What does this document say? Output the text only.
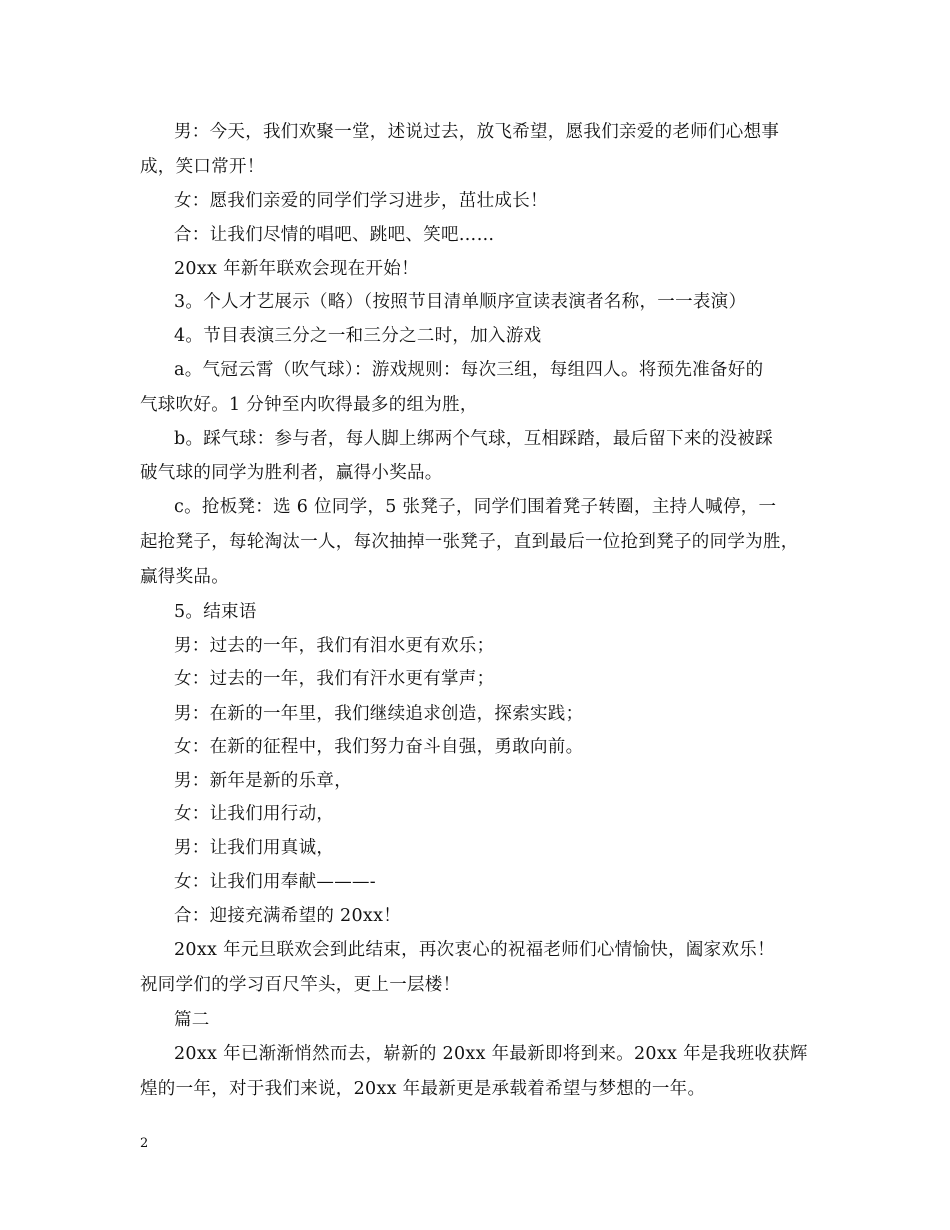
男：今天，我们欢聚一堂，述说过去，放飞希望，愿我们亲爱的老师们心想事
成，笑口常开！
女：愿我们亲爱的同学们学习进步，茁壮成长！
合：让我们尽情的唱吧、跳吧、笑吧……
20xx 年新年联欢会现在开始！
3。个人才艺展示（略）（按照节目清单顺序宣读表演者名称，一一表演）
4。节目表演三分之一和三分之二时，加入游戏
a。气冠云霄（吹气球）：游戏规则：每次三组，每组四人。将预先准备好的
气球吹好。1 分钟至内吹得最多的组为胜，
b。踩气球：参与者，每人脚上绑两个气球，互相踩踏，最后留下来的没被踩
破气球的同学为胜利者，赢得小奖品。
c。抢板凳：选 6 位同学，5 张凳子，同学们围着凳子转圈，主持人喊停，一
起抢凳子，每轮淘汰一人，每次抽掉一张凳子，直到最后一位抢到凳子的同学为胜，
赢得奖品。
5。结束语
男：过去的一年，我们有泪水更有欢乐；
女：过去的一年，我们有汗水更有掌声；
男：在新的一年里，我们继续追求创造，探索实践；
女：在新的征程中，我们努力奋斗自强，勇敢向前。
男：新年是新的乐章，
女：让我们用行动，
男：让我们用真诚，
女：让我们用奉献———-
合：迎接充满希望的 20xx！
20xx 年元旦联欢会到此结束，再次衷心的祝福老师们心情愉快，阖家欢乐！
祝同学们的学习百尺竿头，更上一层楼！
篇二
20xx 年已渐渐悄然而去，崭新的 20xx 年最新即将到来。20xx 年是我班收获辉
煌的一年，对于我们来说，20xx 年最新更是承载着希望与梦想的一年。
2
